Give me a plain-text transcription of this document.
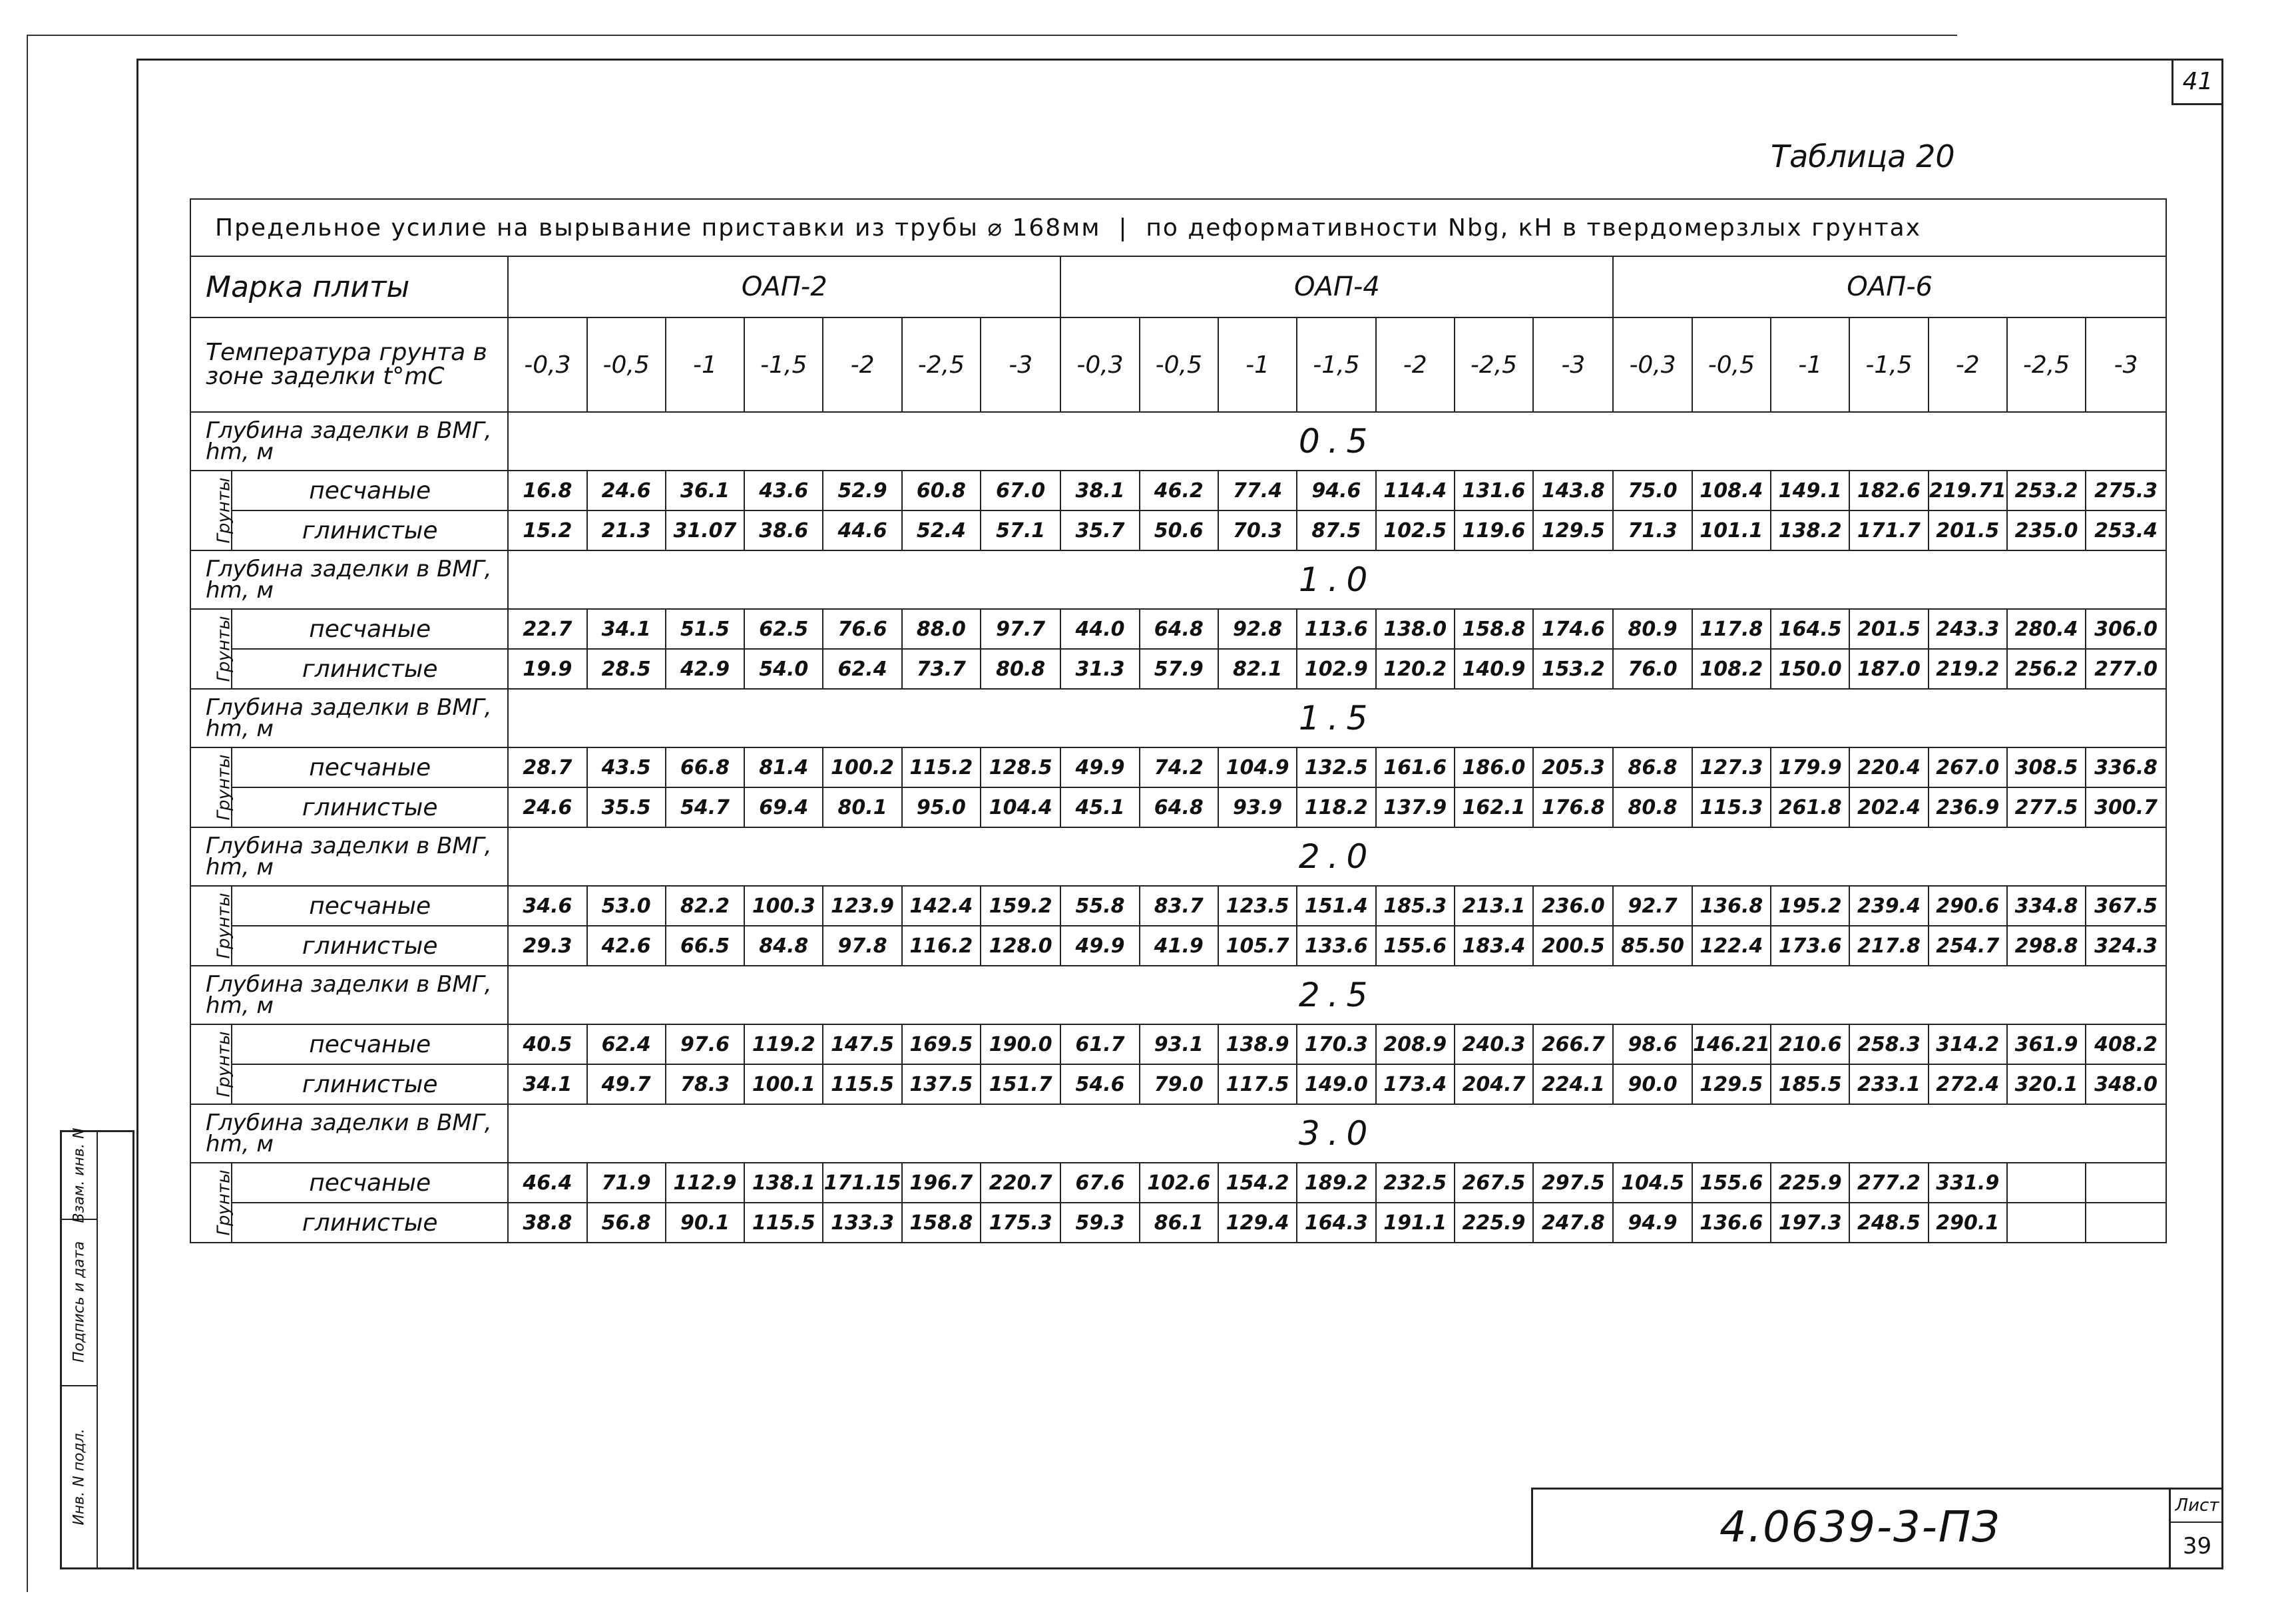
41
Таблица 20
Предельное усилие на вырывание приставки из трубы ⌀ 168мм  |  по деформативности Nbg, кН в твердомерзлых грунтах																						
Марка плиты		ОАП-2							ОАП-4							ОАП-6						
Температура грунта в зоне заделки t°mC		-0,3	-0,5	-1	-1,5	-2	-2,5	-3	-0,3	-0,5	-1	-1,5	-2	-2,5	-3	-0,3	-0,5	-1	-1,5	-2	-2,5	-3
Глубина заделки в ВМГ, hm, м		0.5																				
Грунты	песчаные	16.8	24.6	36.1	43.6	52.9	60.8	67.0	38.1	46.2	77.4	94.6	114.4	131.6	143.8	75.0	108.4	149.1	182.6	219.71	253.2	275.3
	глинистые	15.2	21.3	31.07	38.6	44.6	52.4	57.1	35.7	50.6	70.3	87.5	102.5	119.6	129.5	71.3	101.1	138.2	171.7	201.5	235.0	253.4
Глубина заделки в ВМГ, hm, м		1.0																				
Грунты	песчаные	22.7	34.1	51.5	62.5	76.6	88.0	97.7	44.0	64.8	92.8	113.6	138.0	158.8	174.6	80.9	117.8	164.5	201.5	243.3	280.4	306.0
	глинистые	19.9	28.5	42.9	54.0	62.4	73.7	80.8	31.3	57.9	82.1	102.9	120.2	140.9	153.2	76.0	108.2	150.0	187.0	219.2	256.2	277.0
Глубина заделки в ВМГ, hm, м		1.5																				
Грунты	песчаные	28.7	43.5	66.8	81.4	100.2	115.2	128.5	49.9	74.2	104.9	132.5	161.6	186.0	205.3	86.8	127.3	179.9	220.4	267.0	308.5	336.8
	глинистые	24.6	35.5	54.7	69.4	80.1	95.0	104.4	45.1	64.8	93.9	118.2	137.9	162.1	176.8	80.8	115.3	261.8	202.4	236.9	277.5	300.7
Глубина заделки в ВМГ, hm, м		2.0																				
Грунты	песчаные	34.6	53.0	82.2	100.3	123.9	142.4	159.2	55.8	83.7	123.5	151.4	185.3	213.1	236.0	92.7	136.8	195.2	239.4	290.6	334.8	367.5
	глинистые	29.3	42.6	66.5	84.8	97.8	116.2	128.0	49.9	41.9	105.7	133.6	155.6	183.4	200.5	85.50	122.4	173.6	217.8	254.7	298.8	324.3
Глубина заделки в ВМГ, hm, м		2.5																				
Грунты	песчаные	40.5	62.4	97.6	119.2	147.5	169.5	190.0	61.7	93.1	138.9	170.3	208.9	240.3	266.7	98.6	146.21	210.6	258.3	314.2	361.9	408.2
	глинистые	34.1	49.7	78.3	100.1	115.5	137.5	151.7	54.6	79.0	117.5	149.0	173.4	204.7	224.1	90.0	129.5	185.5	233.1	272.4	320.1	348.0
Глубина заделки в ВМГ, hm, м		3.0																				
Грунты	песчаные	46.4	71.9	112.9	138.1	171.15	196.7	220.7	67.6	102.6	154.2	189.2	232.5	267.5	297.5	104.5	155.6	225.9	277.2	331.9		
	глинистые	38.8	56.8	90.1	115.5	133.3	158.8	175.3	59.3	86.1	129.4	164.3	191.1	225.9	247.8	94.9	136.6	197.3	248.5	290.1		
Взам. инв. N
Подпись и дата
Инв. N подл.
4.0639-3-ПЗ	Лист
39
